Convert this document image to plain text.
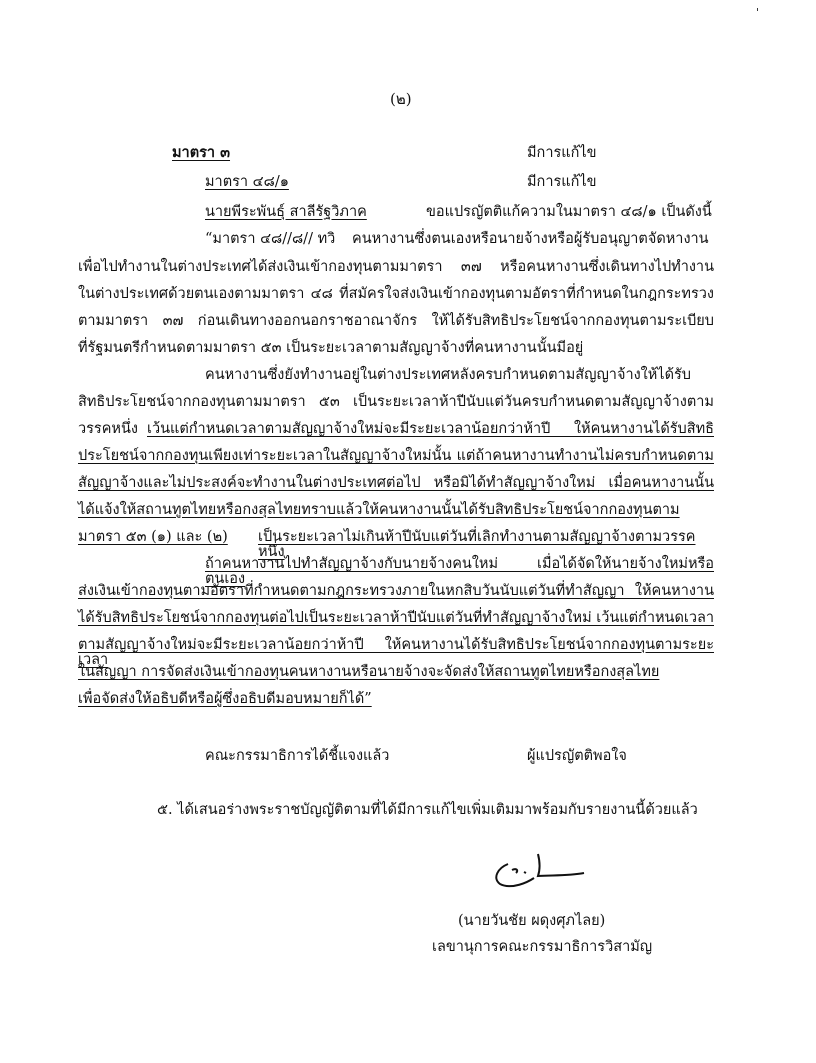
'
(๒)
มาตรา ๓	มีการแก้ไข
มาตรา ๔๘/๑	มีการแก้ไข
นายพีระพันธุ์ สาลีรัฐวิภาค	ขอแปรญัตติแก้ความในมาตรา ๔๘/๑ เป็นดังนี้
“มาตรา ๔๘//๘// ทวิ คนหางานซึ่งตนเองหรือนายจ้างหรือผู้รับอนุญาตจัดหางาน
เพื่อไปทำงานในต่างประเทศได้ส่งเงินเข้ากองทุนตามมาตรา ๓๗ หรือคนหางานซึ่งเดินทางไปทำงาน
ในต่างประเทศด้วยตนเองตามมาตรา ๔๘ ที่สมัครใจส่งเงินเข้ากองทุนตามอัตราที่กำหนดในกฎกระทรวง
ตามมาตรา ๓๗ ก่อนเดินทางออกนอกราชอาณาจักร ให้ได้รับสิทธิประโยชน์จากกองทุนตามระเบียบ
ที่รัฐมนตรีกำหนดตามมาตรา ๕๓ เป็นระยะเวลาตามสัญญาจ้างที่คนหางานนั้นมีอยู่
คนหางานซึ่งยังทำงานอยู่ในต่างประเทศหลังครบกำหนดตามสัญญาจ้างให้ได้รับ
สิทธิประโยชน์จากกองทุนตามมาตรา ๕๓ เป็นระยะเวลาห้าปีนับแต่วันครบกำหนดตามสัญญาจ้างตาม
วรรคหนึ่ง เว้นแต่กำหนดเวลาตามสัญญาจ้างใหม่จะมีระยะเวลาน้อยกว่าห้าปี ให้คนหางานได้รับสิทธิ
ประโยชน์จากกองทุนเพียงเท่าระยะเวลาในสัญญาจ้างใหม่นั้น แต่ถ้าคนหางานทำงานไม่ครบกำหนดตาม
สัญญาจ้างและไม่ประสงค์จะทำงานในต่างประเทศต่อไป หรือมิได้ทำสัญญาจ้างใหม่ เมื่อคนหางานนั้น
ได้แจ้งให้สถานทูตไทยหรือกงสุลไทยทราบแล้วให้คนหางานนั้นได้รับสิทธิประโยชน์จากกองทุนตาม
มาตรา ๕๓ (๑) และ (๒) เป็นระยะเวลาไม่เกินห้าปีนับแต่วันที่เลิกทำงานตามสัญญาจ้างตามวรรคหนึ่ง
ถ้าคนหางานไปทำสัญญาจ้างกับนายจ้างคนใหม่ เมื่อได้จัดให้นายจ้างใหม่หรือตนเอง
ส่งเงินเข้ากองทุนตามอัตราที่กำหนดตามกฎกระทรวงภายในหกสิบวันนับแต่วันที่ทำสัญญา ให้คนหางาน
ได้รับสิทธิประโยชน์จากกองทุนต่อไปเป็นระยะเวลาห้าปีนับแต่วันที่ทำสัญญาจ้างใหม่ เว้นแต่กำหนดเวลา
ตามสัญญาจ้างใหม่จะมีระยะเวลาน้อยกว่าห้าปี ให้คนหางานได้รับสิทธิประโยชน์จากกองทุนตามระยะเวลา
ในสัญญา การจัดส่งเงินเข้ากองทุนคนหางานหรือนายจ้างจะจัดส่งให้สถานทูตไทยหรือกงสุลไทย
เพื่อจัดส่งให้อธิบดีหรือผู้ซึ่งอธิบดีมอบหมายก็ได้”
คณะกรรมาธิการได้ชี้แจงแล้ว	ผู้แปรญัตติพอใจ
๕. ได้เสนอร่างพระราชบัญญัติตามที่ได้มีการแก้ไขเพิ่มเติมมาพร้อมกับรายงานนี้ด้วยแล้ว
(นายวันชัย ผดุงศุภไลย)
เลขานุการคณะกรรมาธิการวิสามัญ
